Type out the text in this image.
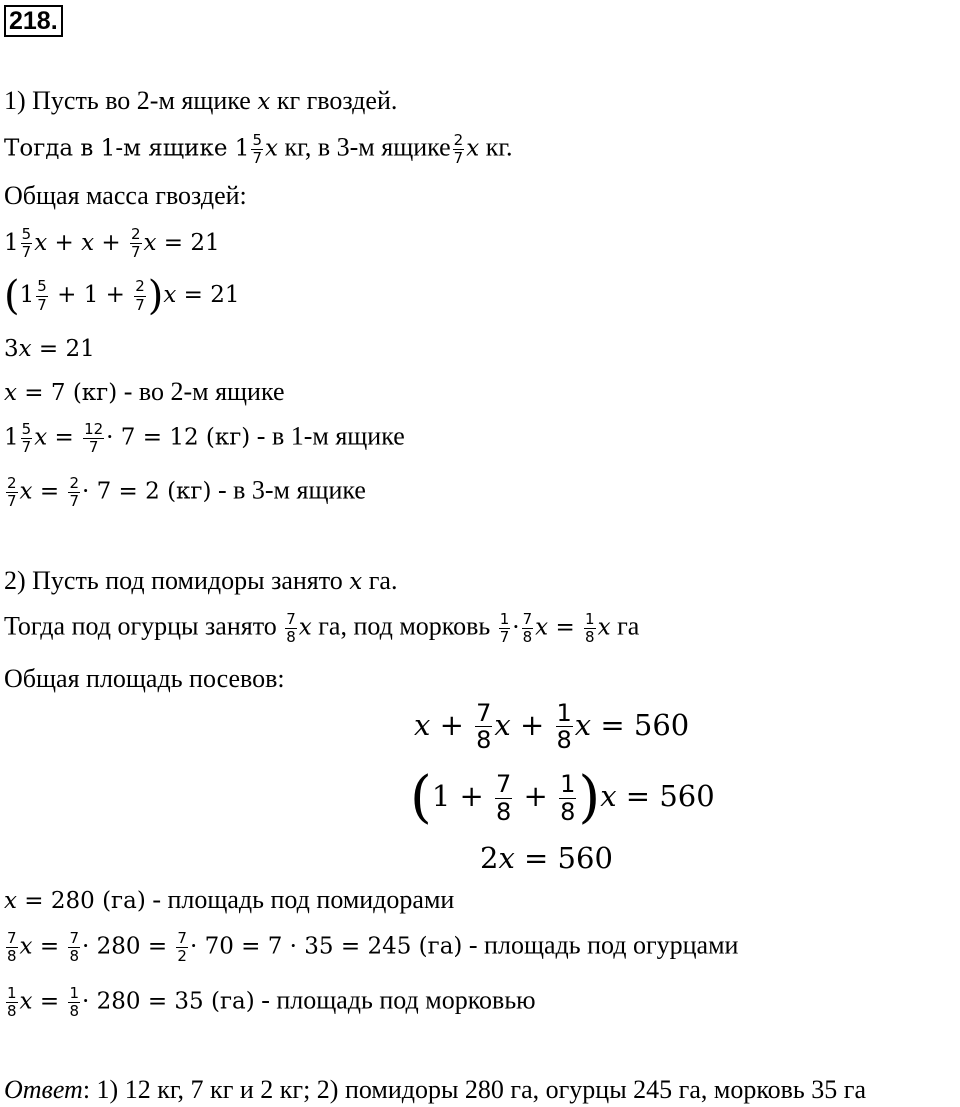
218.
1) Пусть во 2-м ящике x кг гвоздей.
Тогда в 1-м ящике $1 \frac{5}{7}$ x кг, в 3-м ящике $\frac{2}{7}$ x кг.
Общая масса гвоздей:
$1 \frac{5}{7}$ $x + x + \frac{2}{7}$ x = 21
$(1 \frac{5}{7} + 1 + \frac{2}{7} )x = 21$
3x = 21
x = 7 (кг) - во 2-м ящике
$1 \frac{5}{7}$ $x = \frac{12}{7} \cdot 7 = 12$ (кг) - в 1-м ящике
$\frac{2}{7}$ $x = \frac{2}{7} \cdot 7 = 2$ (кг) - в 3-м ящике
2) Пусть под помидоры занято x га.
Тогда под огурцы занято $\frac{7}{8}$ x га, под морковь $\frac{1}{7} \cdot \frac{7}{8}$ $x = \frac{1}{8}$ x га
Общая площадь посевов:
$x + \frac{7}{8}$ $x + \frac{1}{8}$ x = 560
$(1 + \frac{7}{8} + \frac{1}{8} )x = 560$
2x = 560
x = 280 (га) - площадь под помидорами
$\frac{7}{8}$ $x = \frac{7}{8} \cdot 280 = \frac{7}{2} \cdot 70 = 7 \cdot 35 = 245$ (га) - площадь под огурцами
$\frac{1}{8}$ $x = \frac{1}{8} \cdot 280 = 35$ (га) - площадь под морковью
Ответ: 1) 12 кг, 7 кг и 2 кг; 2) помидоры 280 га, огурцы 245 га, морковь 35 га
